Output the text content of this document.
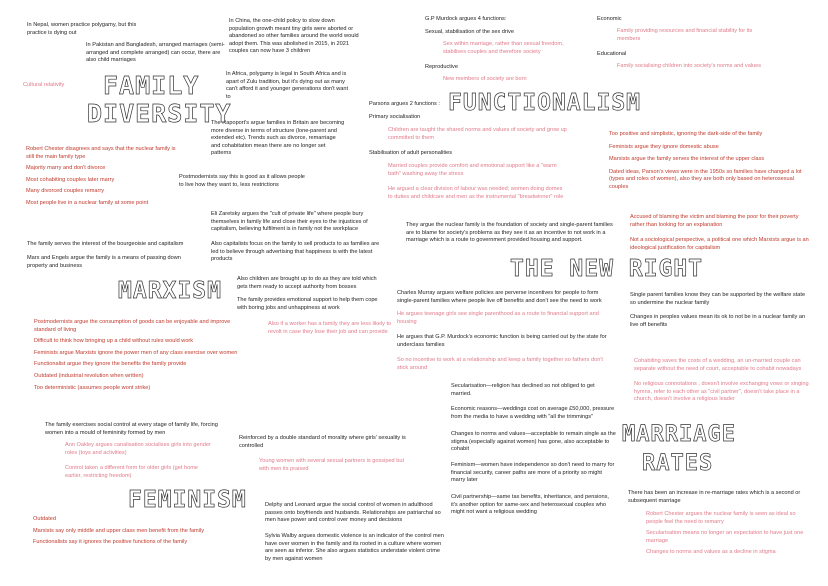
In Nepal, women practice polygamy, but this practice is dying out

In Pakistan and Bangladesh, arranged marriages (semi-arranged and complete arranged) can occur, there are also child marriages

Cultural relativity

In China, the one-child policy to slow down population growth meant tiny girls were aborted or abandoned so other families around the world would adopt them. This was abolished in 2015, in 2021 couples can now have 3 children

In Africa, polygamy is legal in South Africa and is apart of Zulu tradition, but it's dying out as many can't afford it and younger generations don't want to

The Rapoport's argue families in Britain are becoming more diverse in terms of structure (lone-parent and extended etc). Trends such as divorce, remarriage and cohabitation mean there are no longer set patterns

Postmodernists say this is good as it allows people to live how they want to, less restrictions

FAMILY
DIVERSITY
Robert Chester disagrees and says that the nuclear family is still the main family type
Majority marry and don't divorce
Most cohabiting couples later marry
Many divorced couples remarry
Most people live in a nuclear family at some point

G.P Murdock argues 4 functions:

Sexual, stabilisation of the sex drive

Sex within marriage, rather than sexual freedom, stabilises couples and therefore society

Reproductive

New members of society are born

Economic

Family providing resources and financial stability for its members

Educational

Family socialising children into society's norms and values

FUNCTIONALISM

Parsons argues 2 functions :

Primary socialisation

Children are taught the shared norms and values of society and grow up committed to them

Stabilisation of adult personalities

Married couples provide comfort and emotional support like a "warm bath" washing away the stress

He argued a clear division of labour was needed; women doing domes to duties and childcare and men as the instrumental "breadwinner" role

Too positive and simplistic, ignoring the dark-side of the family
Feminists argue they ignore domestic abuse
Marxists argue the family serves the interest of the upper class
Dated ideas, Parson's views were in the 1950s so families have changed a lot (types and roles of women), also they are both only based on heterosexual couples

They argue the nuclear family is the foundation of society and single-parent families are to blame for society's problems as they see it as an incentive to not work in a marriage which is a route to government provided housing and support.

Accused of blaming the victim and blaming the poor for their poverty rather than looking for an explanation

Not a sociological perspective, a political one which Marxists argue is an ideological justification for capitalism

THE NEW RIGHT

Charles Murray argues welfare policies are perverse incentives for people to form single-parent families where people live off benefits and don't see the need to work

He argues teenage girls see single parenthood as a route to financial support and housing

He argues that G.P. Murdock's economic function is being carried out by the state for underclass families

So no incentive to work at a relationship and keep a family together so fathers don't stick around

Single parent families know they can be supported by the welfare state so undermine the nuclear family

Changes in peoples values mean its ok to not be in a nuclear family an live off benefits

Cohabiting saves the costs of a wedding, an un-married couple can separate without the need of court, acceptable to cohabit nowadays

No religious connotations , doesn't involve exchanging vows or singing hymns, refer to each other as "civil partner", doesn't take place in a church, doesn't involve a religious leader

Eli Zaretsky argues the "cult of private life" where people bury themselves in family life and close their eyes to the injustices of capitalism, believing fulfilment is in family not the workplace

Also capitalists focus on the family to sell products to as families are led to believe through advertising that happiness is with the latest products

The family serves the interest of the bourgeoisie and capitalism

Marx and Engels argue the family is a means of passing down property and business

MARXISM	Also children are brought up to do as they are told which gets them ready to accept authority from bosses

The family provides emotional support to help them cope with boring jobs and unhappiness at work

Also if a worker has a family they are less likely to revolt in case they lose their job and can provide

Postmodernists argue the consumption of goods can be enjoyable and improve standard of living
Difficult to think how bringing up a child without rules would work
Feminists argue Marxists ignore the power men of any class exercise over women
Functionalist argue they ignore the benefits the family provide
Outdated (industrial revolution when written)
Too deterministic (assumes people wont strike)	Secularisation—religion has declined so not obliged to get married.

Economic reasons—weddings cost on average £50,000, pressure from the media to have a wedding with "all the trimmings"

Changes to norms and values—acceptable to remain single as the stigma (especially against women) has gone, also acceptable to cohabit

Feminism—women have independence so don't need to marry for financial security, career paths are more of a priority so might marry later

Civil partnership—same tax benefits, inheritance, and pensions, it's another option for same-sex and heterosexual couples who might not want a religious wedding

MARRIAGE
RATES

There has been an increase in re-marriage rates which is a second or subsequent marriage

Robert Chester argues the nuclear family is seen as ideal so people feel the need to remarry
Secularisation means no longer an expectation to have just one marriage
Changes to norms and values as a decline in stigma

The family exercises social control at every stage of family life, forcing women into a mould of femininity formed by men

Ann Oakley argues canalisation socialises girls into gender roles (toys and activities)

Control taken a different form for older girls (get home earlier, restricting freedom)

Reinforced by a double standard of morality where girls' sexuality is controlled

Young women with several sexual partners is gossiped but with men its praised

FEMINISM	Delphy and Leonard argue the social control of women in adulthood passes onto boyfriends and husbands. Relationships are patriarchal so men have power and control over money and decisions

Sylvia Walby argues domestic violence is an indicator of the control men have over women in the family and its rooted in a culture where women are seen as inferior. She also argues statistics understate violent crime by men against women

Outdated
Marxists say only middle and upper class men benefit from the family
Functionalists say it ignores the positive functions of the family
